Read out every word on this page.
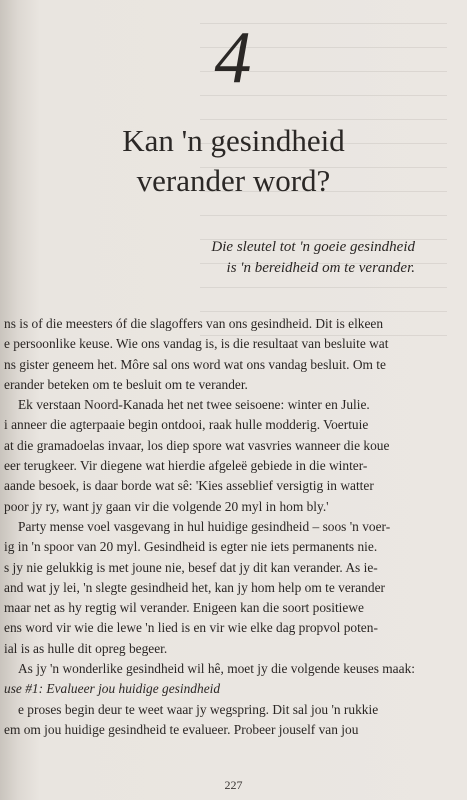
4
Kan 'n gesindheid
verander word?
Die sleutel tot 'n goeie gesindheid
is 'n bereidheid om te verander.
ns is of die meesters óf die slagoffers van ons gesindheid. Dit is elkeen
e persoonlike keuse. Wie ons vandag is, is die resultaat van besluite wat
ns gister geneem het. Môre sal ons word wat ons vandag besluit. Om te
erander beteken om te besluit om te verander.
Ek verstaan Noord-Kanada het net twee seisoene: winter en Julie.
i anneer die agterpaaie begin ontdooi, raak hulle modderig. Voertuie
at die gramadoelas invaar, los diep spore wat vasvries wanneer die koue
eer terugkeer. Vir diegene wat hierdie afgeleë gebiede in die winter-
aande besoek, is daar borde wat sê: 'Kies asseblief versigtig in watter
poor jy ry, want jy gaan vir die volgende 20 myl in hom bly.'
Party mense voel vasgevang in hul huidige gesindheid – soos 'n voer-
ig in 'n spoor van 20 myl. Gesindheid is egter nie iets permanents nie.
s jy nie gelukkig is met joune nie, besef dat jy dit kan verander. As ie-
and wat jy lei, 'n slegte gesindheid het, kan jy hom help om te verander
maar net as hy regtig wil verander. Enigeen kan die soort positiewe
ens word vir wie die lewe 'n lied is en vir wie elke dag propvol poten-
ial is as hulle dit opreg begeer.
As jy 'n wonderlike gesindheid wil hê, moet jy die volgende keuses maak:
use #1: Evalueer jou huidige gesindheid
e proses begin deur te weet waar jy wegspring. Dit sal jou 'n rukkie
em om jou huidige gesindheid te evalueer. Probeer jouself van jou
227
